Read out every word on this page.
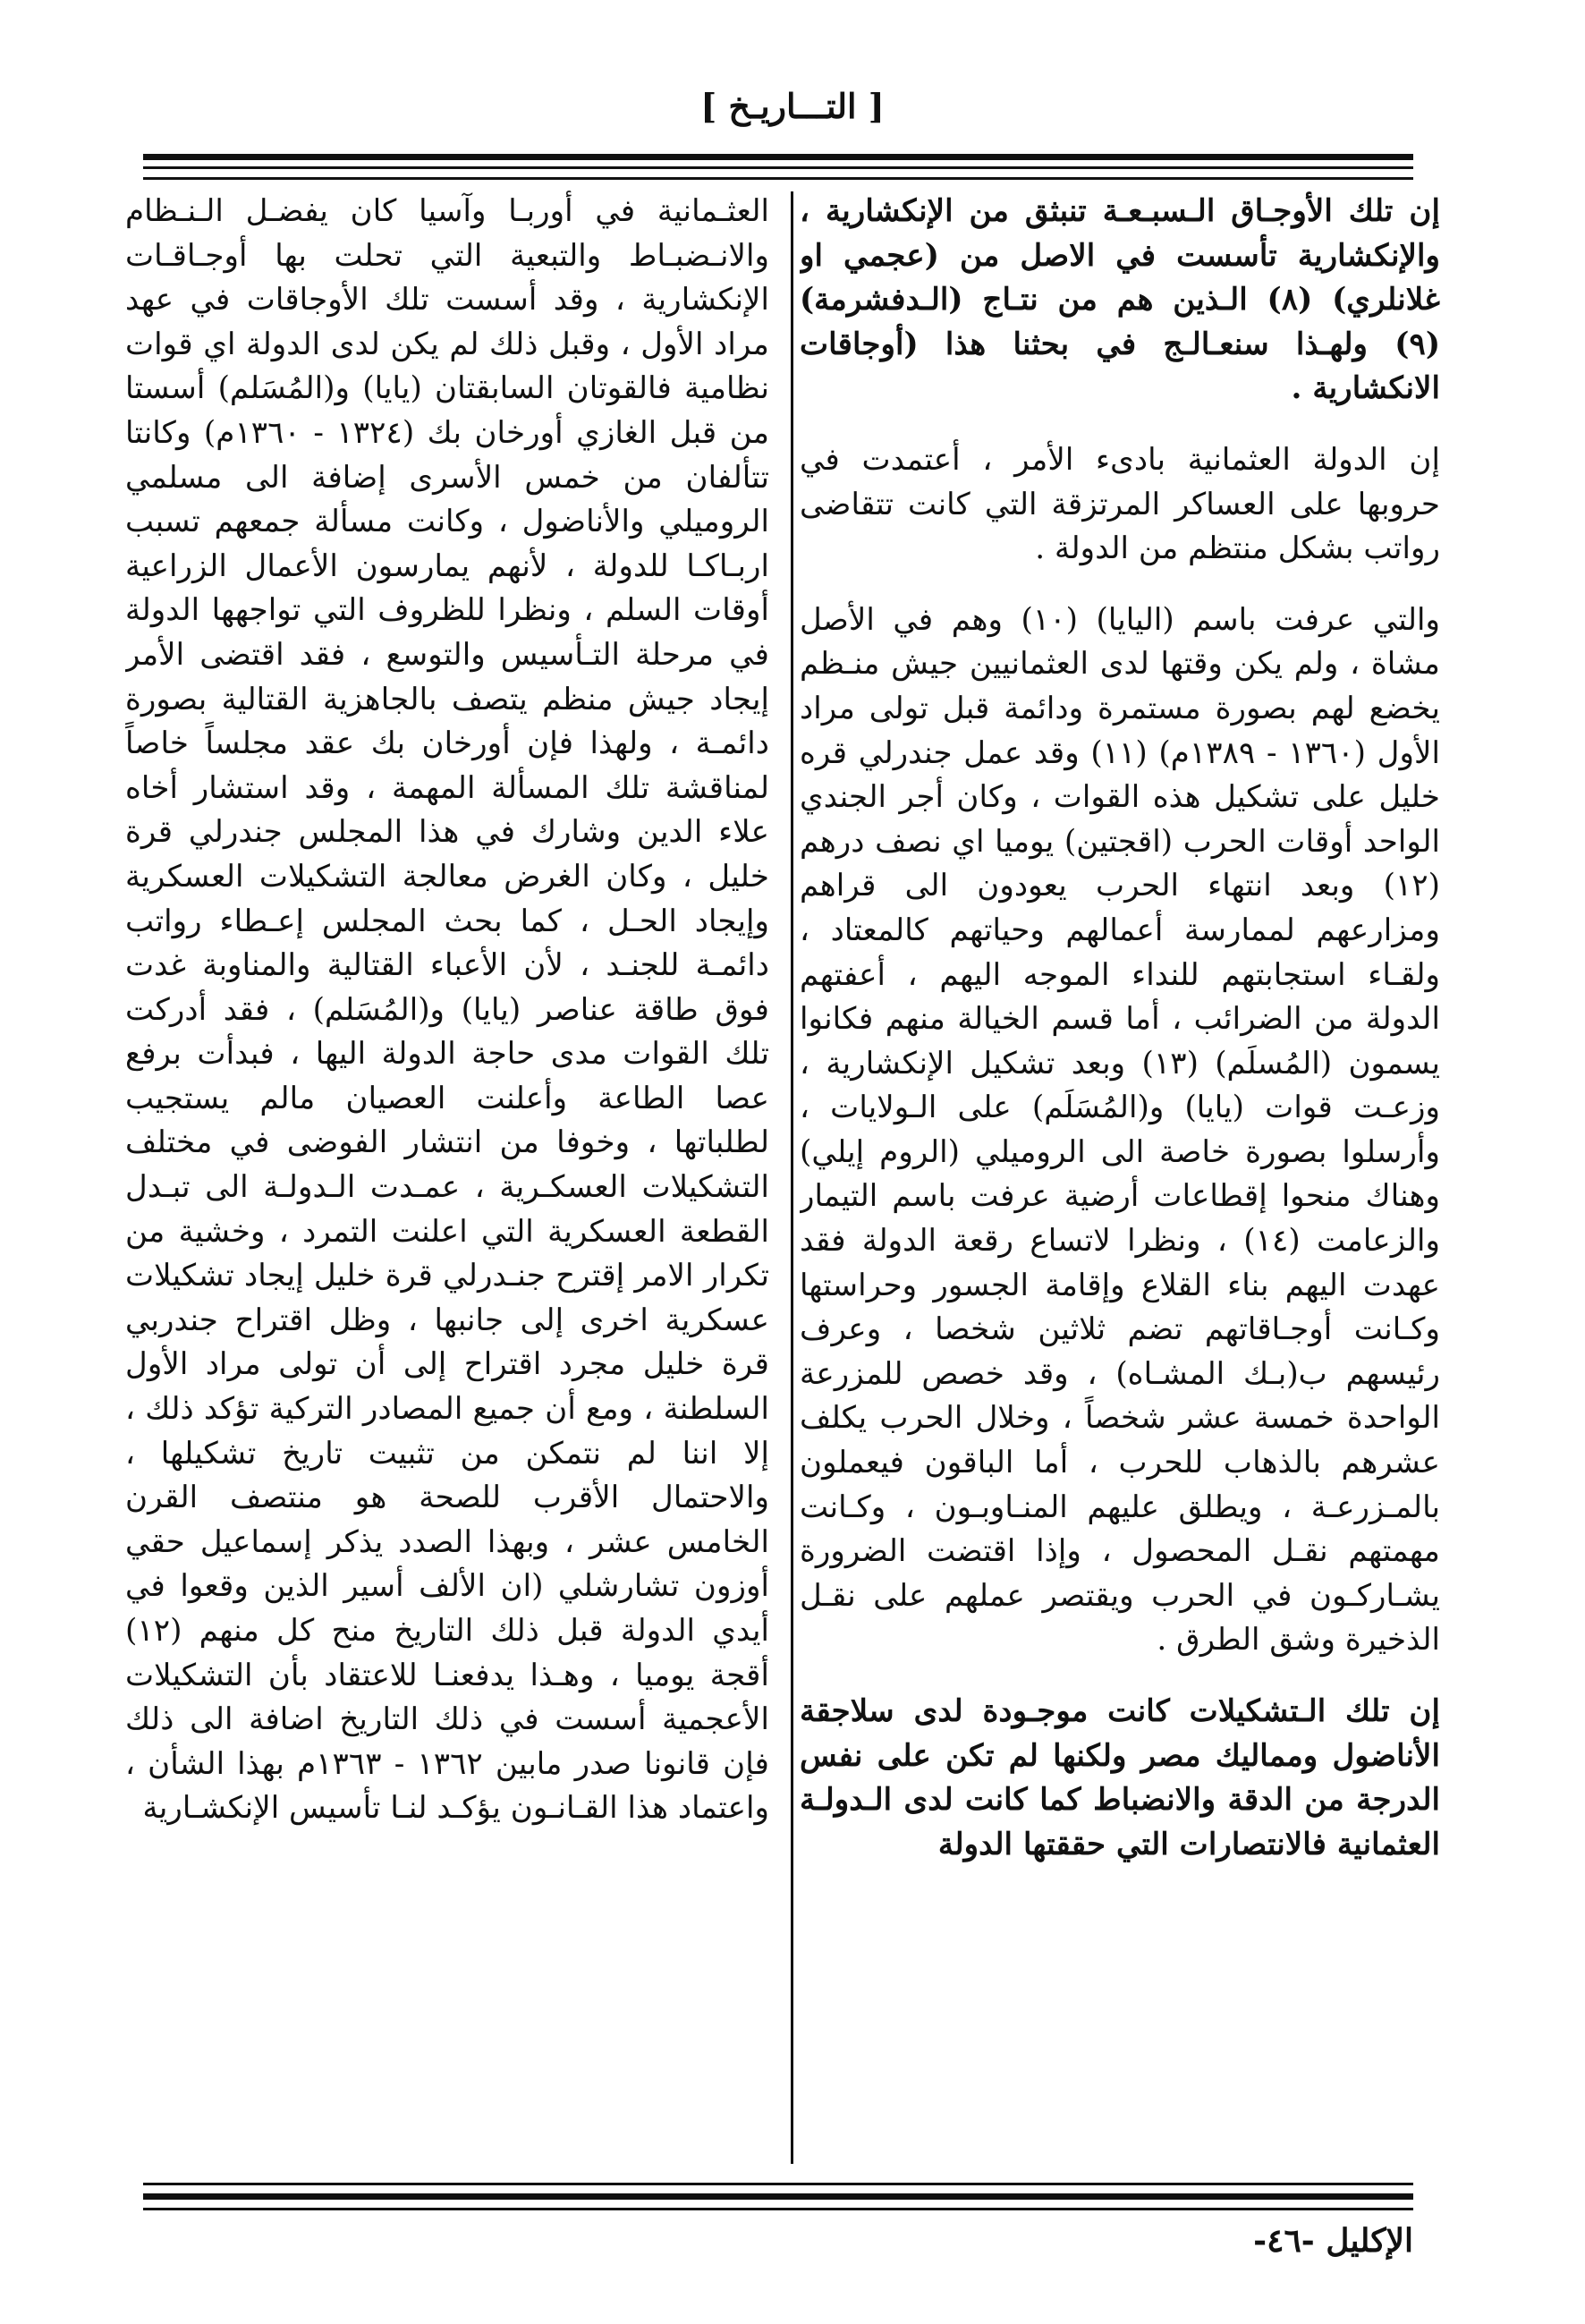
[ التـــاريـخ ]

إن تلك الأوجـاق الـسبـعـة تنبثق من الإنكشارية ، والإنكشارية تأسست في الاصل من (عجمي او غلانلري) (٨) الـذين هم من نتـاج (الـدفشرمة) (٩) ولهـذا سنعـالـج في بحثنا هذا (أوجاقات الانكشارية .

إن الدولة العثمانية بادىء الأمر ، أعتمدت في حروبها على العساكر المرتزقة التي كانت تتقاضى رواتب بشكل منتظم من الدولة .

والتي عرفت باسم (اليايا) (١٠) وهم في الأصل مشاة ، ولم يكن وقتها لدى العثمانيين جيش منـظم يخضع لهم بصورة مستمرة ودائمة قبل تولى مراد الأول (١٣٦٠ - ١٣٨٩م) (١١) وقد عمل جندرلي قره خليل على تشكيل هذه القوات ، وكان أجر الجندي الواحد أوقات الحرب (اقجتين) يوميا اي نصف درهم (١٢) وبعد انتهاء الحرب يعودون الى قراهم ومزارعهم لممارسة أعمالهم وحياتهم كالمعتاد ، ولقـاء استجابتهم للنداء الموجه اليهم ، أعفتهم الدولة من الضرائب ، أما قسم الخيالة منهم فكانوا يسمون (المُسلَم) (١٣) وبعد تشكيل الإنكشارية ، وزعـت قوات (يايا) و(المُسَلَم) على الـولايات ، وأرسلوا بصورة خاصة الى الروميلي (الروم إيلي) وهناك منحوا إقطاعات أرضية عرفت باسم التيمار والزعامت (١٤) ، ونظرا لاتساع رقعة الدولة فقد عهدت اليهم بناء القلاع وإقامة الجسور وحراستها وكـانت أوجـاقاتهم تضم ثلاثين شخصا ، وعرف رئيسهم ب(بـك المشـاه) ، وقد خصص للمزرعة الواحدة خمسة عشر شخصاً ، وخلال الحرب يكلف عشرهم بالذهاب للحرب ، أما الباقون فيعملون بالمـزرعـة ، ويطلق عليهم المنـاوبـون ، وكـانت مهمتهم نقـل المحصول ، وإذا اقتضت الضرورة يشـاركـون في الحرب ويقتصر عملهم على نقـل الذخيرة وشق الطرق .

إن تلك الـتشكيلات كانت موجـودة لدى سلاجقة الأناضول ومماليك مصر ولكنها لم تكن على نفس الدرجة من الدقة والانضباط كما كانت لدى الـدولـة العثمانية فالانتصارات التي حققتها الدولة

العثـمانية في أوربـا وآسيا كان يفضـل الـنـظام والانـضبـاط والتبعية التي تحلت بها أوجـاقـات الإنكشارية ، وقد أسست تلك الأوجاقات في عهد مراد الأول ، وقبل ذلك لم يكن لدى الدولة اي قوات نظامية فالقوتان السابقتان (يايا) و(المُسَلم) أسستا من قبل الغازي أورخان بك (١٣٢٤ - ١٣٦٠م) وكانتا تتألفان من خمس الأسرى إضافة الى مسلمي الروميلي والأناضول ، وكانت مسألة جمعهم تسبب اربـاكـا للدولة ، لأنهم يمارسون الأعمال الزراعية أوقات السلم ، ونظرا للظروف التي تواجهها الدولة في مرحلة التـأسيس والتوسع ، فقد اقتضى الأمر إيجاد جيش منظم يتصف بالجاهزية القتالية بصورة دائمـة ، ولهذا فإن أورخان بك عقد مجلساً خاصاً لمناقشة تلك المسألة المهمة ، وقد استشار أخاه علاء الدين وشارك في هذا المجلس جندرلي قرة خليل ، وكان الغرض معالجة التشكيلات العسكرية وإيجاد الحـل ، كما بحث المجلس إعـطاء رواتب دائمـة للجنـد ، لأن الأعباء القتالية والمناوبة غدت فوق طاقة عناصر (يايا) و(المُسَلم) ، فقد أدركت تلك القوات مدى حاجة الدولة اليها ، فبدأت برفع عصا الطاعة وأعلنت العصيان مالم يستجيب لطلباتها ، وخوفا من انتشار الفوضى في مختلف التشكيلات العسكـرية ، عمـدت الـدولـة الى تبـدل القطعة العسكرية التي اعلنت التمرد ، وخشية من تكرار الامر إقترح جنـدرلي قرة خليل إيجاد تشكيلات عسكرية اخرى إلى جانبها ، وظل اقتراح جندربي قرة خليل مجرد اقتراح إلى أن تولى مراد الأول السلطنة ، ومع أن جميع المصادر التركية تؤكد ذلك ، إلا اننا لم نتمكن من تثبيت تاريخ تشكيلها ، والاحتمال الأقرب للصحة هو منتصف القرن الخامس عشر ، وبهذا الصدد يذكر إسماعيل حقي أوزون تشارشلي (ان الألف أسير الذين وقعوا في أيدي الدولة قبل ذلك التاريخ منح كل منهم (١٢) أقجة يوميا ، وهـذا يدفعنـا للاعتقاد بأن التشكيلات الأعجمية أسست في ذلك التاريخ اضافة الى ذلك فإن قانونا صدر مابين ١٣٦٢ - ١٣٦٣م بهذا الشأن ، واعتماد هذا القـانـون يؤكـد لنـا تأسيس الإنكشـارية

الإكليل -٤٦-
